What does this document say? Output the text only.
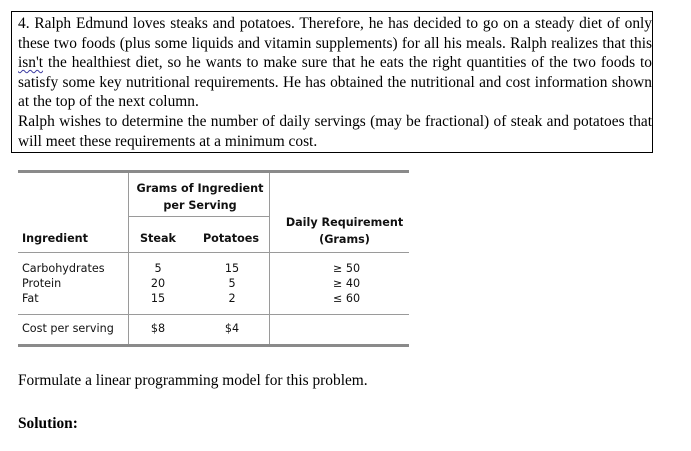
4. Ralph Edmund loves steaks and potatoes. Therefore, he has decided to go on a steady diet of only these two foods (plus some liquids and vitamin supplements) for all his meals. Ralph realizes that this isn't the healthiest diet, so he wants to make sure that he eats the right quantities of the two foods to satisfy some key nutritional requirements. He has obtained the nutritional and cost information shown at the top of the next column.

Ralph wishes to determine the number of daily servings (may be fractional) of steak and potatoes that will meet these requirements at a minimum cost.

Grams of Ingredient
per Serving
Daily Requirement
(Grams)
Ingredient	Steak	Potatoes
Carbohydrates	5	15	≥ 50
Protein	20	5	≥ 40
Fat	15	2	≤ 60
Cost per serving	$8	$4

Formulate a linear programming model for this problem.

Solution:
